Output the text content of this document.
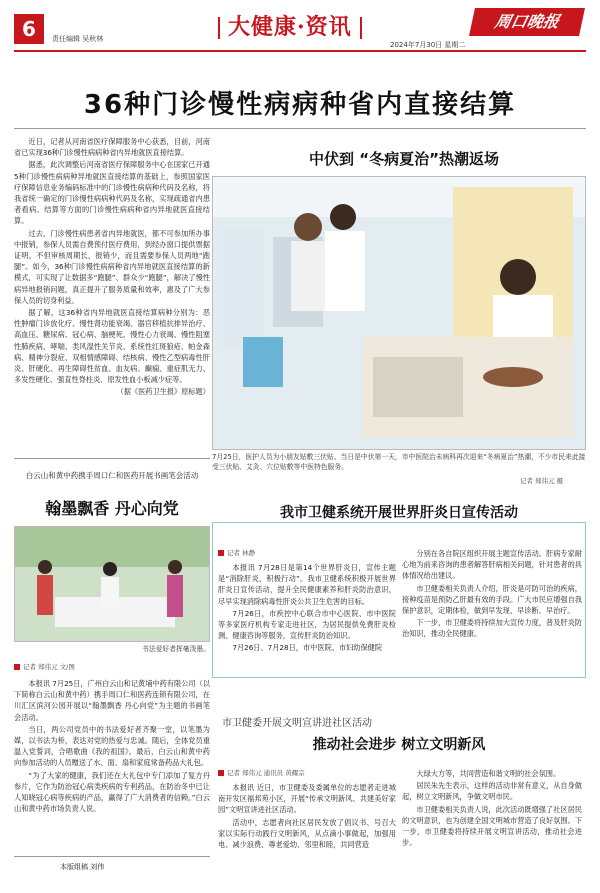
6	责任编辑 吴秋林	大健康·资讯	周口晚报
2024年7月30日 星期二
36种门诊慢性病病种省内直接结算

近日，记者从河南省医疗保障服务中心获悉，目前，河南省已实现36种门诊慢性病病种省内异地就医直接结算。

据悉，此次调整后河南省医疗保障服务中心在国家已开通5种门诊慢性病病种异地就医直接结算的基础上，参照国家医疗保障信息业务编码标准中的门诊慢性病病种代码及名称，将我省统一确定的门诊慢性病病种代码及名称，实现疏通省内患者看病、结算等方面的门诊慢性病病种省内异地就医直接结算。

过去，门诊慢性病患者省内异地就医，都不可参加所办事中报销，参保人员需自费预付医疗费用，到经办窗口提供票据证明，不但审核周期长，报销少，而且需要参保人员两地“跑腿”。如今，36种门诊慢性病病种省内异地就医直接结算的新模式，可实现了让数据多“跑腿”、群众少“跑腿”，解决了慢性病异地报销问题，真正提升了服务质量和效率，惠及了广大参保人员的切身利益。

据了解，这36种省内异地就医直接结算病种分别为：恶性肿瘤门诊放化疗、慢性肾功能衰竭、器官移植抗排异治疗、高血压、糖尿病、冠心病、脑梗死、慢性心力衰竭、慢性阻塞性肺疾病、哮喘、类风湿性关节炎、系统性红斑狼疮、帕金森病、精神分裂症、双相情感障碍、结核病、慢性乙型病毒性肝炎、肝硬化、再生障碍性贫血、血友病、癫痫、重症肌无力、多发性硬化、强直性脊柱炎、原发性血小板减少症等。

（据《医药卫生报》原标题）

中伏到 “冬病夏治”热潮返场
7月25日，医护人员为小朋友贴敷三伏贴。当日是中伏第一天，市中医院治未病科再次迎来“冬病夏治”热潮，不少市民来此接受三伏贴、艾灸、穴位贴敷等中医特色服务。
记者 郑伟元 摄
白云山和黄中药携手周口仁和医药开展书画笔会活动
翰墨飘香 丹心向党
书法爱好者挥毫泼墨。
记者 郑伟元 文/图

本报讯 7月25日，广州白云山和记黄埔中药有限公司（以下简称白云山和黄中药）携手周口仁和医药连锁有限公司，在川汇区滨河公园开展以“翰墨飘香 丹心向党”为主题的书画笔会活动。

当日，两公司党员中的书法爱好者齐聚一堂，以笔墨为媒，以书法为桥，表达对党的热爱与忠诚。随后，全体党员重温入党誓词，合唱歌曲《我的祖国》。最后，白云山和黄中药向参加活动的人员赠送了水、面、扇和家庭常备药品大礼包。

“为了大家的健康，我们还在大礼包中专门添加了复方丹参片，它作为防治冠心病类疾病的专利药品，在防治冬中已让人知晓冠心病等疾病的产品，赢得了广大消费者的信赖。”白云山和黄中药市场负责人说。

本版组稿 刘伟
我市卫健系统开展世界肝炎日宣传活动
记者 林静

本报讯 7月28日是第14个世界肝炎日，宣传主题是“消除肝炎，积极行动”。我市卫健系统积极开展世界肝炎日宣传活动，提升全民健康素养和肝炎防治意识，尽早实现消除病毒性肝炎公共卫生危害的目标。

7月26日，市疾控中心联合市中心医院、市中医院等多家医疗机构专家走进社区，为居民提供免费肝炎检测、健康咨询等服务，宣传肝炎防治知识。

7月26日、7月28日，市中医院、市妇幼保健院

分别在各自院区组织开展主题宣传活动。肝病专家耐心地为前来咨询的患者解答肝病相关问题，针对患者的具体情况给出建议。

市卫健委相关负责人介绍，肝炎是可防可治的疾病，接种疫苗是预防乙肝最有效的手段。广大市民应增强自我保护意识，定期体检，做到早发现、早诊断、早治疗。

下一步，市卫健委将持续加大宣传力度，普及肝炎防治知识，推动全民健康。

市卫健委开展文明宣讲进社区活动
推动社会进步 树立文明新风
记者 郑伟元 通讯员 黄耀宗

本报讯 近日，市卫健委及委属单位的志愿者走进城南开发区福邦苑小区，开展“传承文明新风、共建美好家园”文明宣讲进社区活动。

活动中，志愿者向社区居民发放了倡议书、号召大家以实际行动践行文明新风，从点滴小事做起，加强用电、减少浪费、尊老爱幼、邻里和睦，共同营造

大绿大方等，共同营造和谐文明的社会氛围。

居民朱先生表示，这样的活动非常有意义，从自身做起，树立文明新风，争做文明市民。

市卫健委相关负责人说，此次活动既增强了社区居民的文明意识，也为创建全国文明城市营造了良好氛围。下一步，市卫健委将持续开展文明宣讲活动，推动社会进步。
